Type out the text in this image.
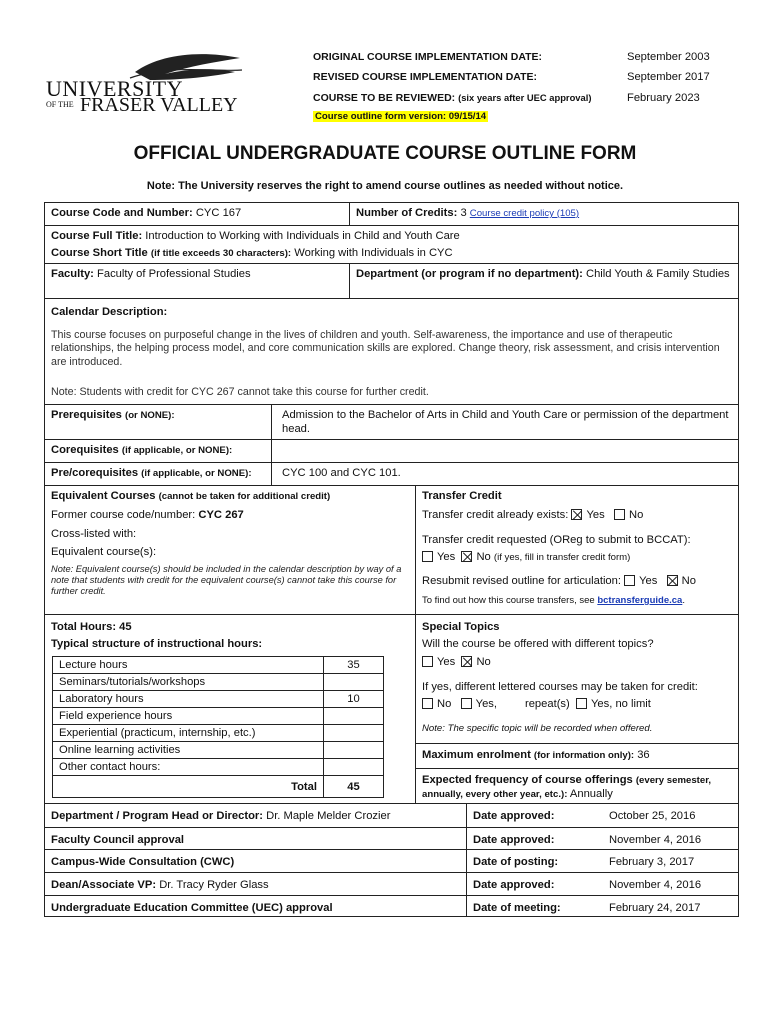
UNIVERSITY
OF THE FRASER VALLEY
ORIGINAL COURSE IMPLEMENTATION DATE:	September 2003
REVISED COURSE IMPLEMENTATION DATE:	September 2017
COURSE TO BE REVIEWED: (six years after UEC approval)	February 2023
Course outline form version: 09/15/14
OFFICIAL UNDERGRADUATE COURSE OUTLINE FORM
Note: The University reserves the right to amend course outlines as needed without notice.
Course Code and Number: CYC 167	Number of Credits: 3 Course credit policy (105)
Course Full Title: Introduction to Working with Individuals in Child and Youth Care
Course Short Title (if title exceeds 30 characters): Working with Individuals in CYC
Faculty: Faculty of Professional Studies	Department (or program if no department): Child Youth & Family Studies
Calendar Description:
This course focuses on purposeful change in the lives of children and youth. Self-awareness, the importance and use of therapeutic relationships, the helping process model, and core communication skills are explored. Change theory, risk assessment, and crisis intervention are introduced.
Note: Students with credit for CYC 267 cannot take this course for further credit.
Prerequisites (or NONE):	Admission to the Bachelor of Arts in Child and Youth Care or permission of the department head.
Corequisites (if applicable, or NONE):
Pre/corequisites (if applicable, or NONE):	CYC 100 and CYC 101.
Equivalent Courses (cannot be taken for additional credit)
Former course code/number: CYC 267
Cross-listed with:
Equivalent course(s):
Note: Equivalent course(s) should be included in the calendar description by way of a note that students with credit for the equivalent course(s) cannot take this course for further credit.
Transfer Credit
Transfer credit already exists: Yes No
Transfer credit requested (OReg to submit to BCCAT):
Yes No (if yes, fill in transfer credit form)
Resubmit revised outline for articulation: Yes No
To find out how this course transfers, see bctransferguide.ca.
Total Hours: 45
Typical structure of instructional hours:
Lecture hours	35
Seminars/tutorials/workshops	
Laboratory hours	10
Field experience hours	
Experiential (practicum, internship, etc.)	
Online learning activities	
Other contact hours:	
Total	45
Special Topics
Will the course be offered with different topics?
Yes No
If yes, different lettered courses may be taken for credit:
No Yes, repeat(s) Yes, no limit
Note: The specific topic will be recorded when offered.
Maximum enrolment (for information only): 36
Expected frequency of course offerings (every semester, annually, every other year, etc.): Annually
Department / Program Head or Director: Dr. Maple Melder Crozier	Date approved:	October 25, 2016
Faculty Council approval	Date approved:	November 4, 2016
Campus-Wide Consultation (CWC)	Date of posting:	February 3, 2017
Dean/Associate VP: Dr. Tracy Ryder Glass	Date approved:	November 4, 2016
Undergraduate Education Committee (UEC) approval	Date of meeting:	February 24, 2017
